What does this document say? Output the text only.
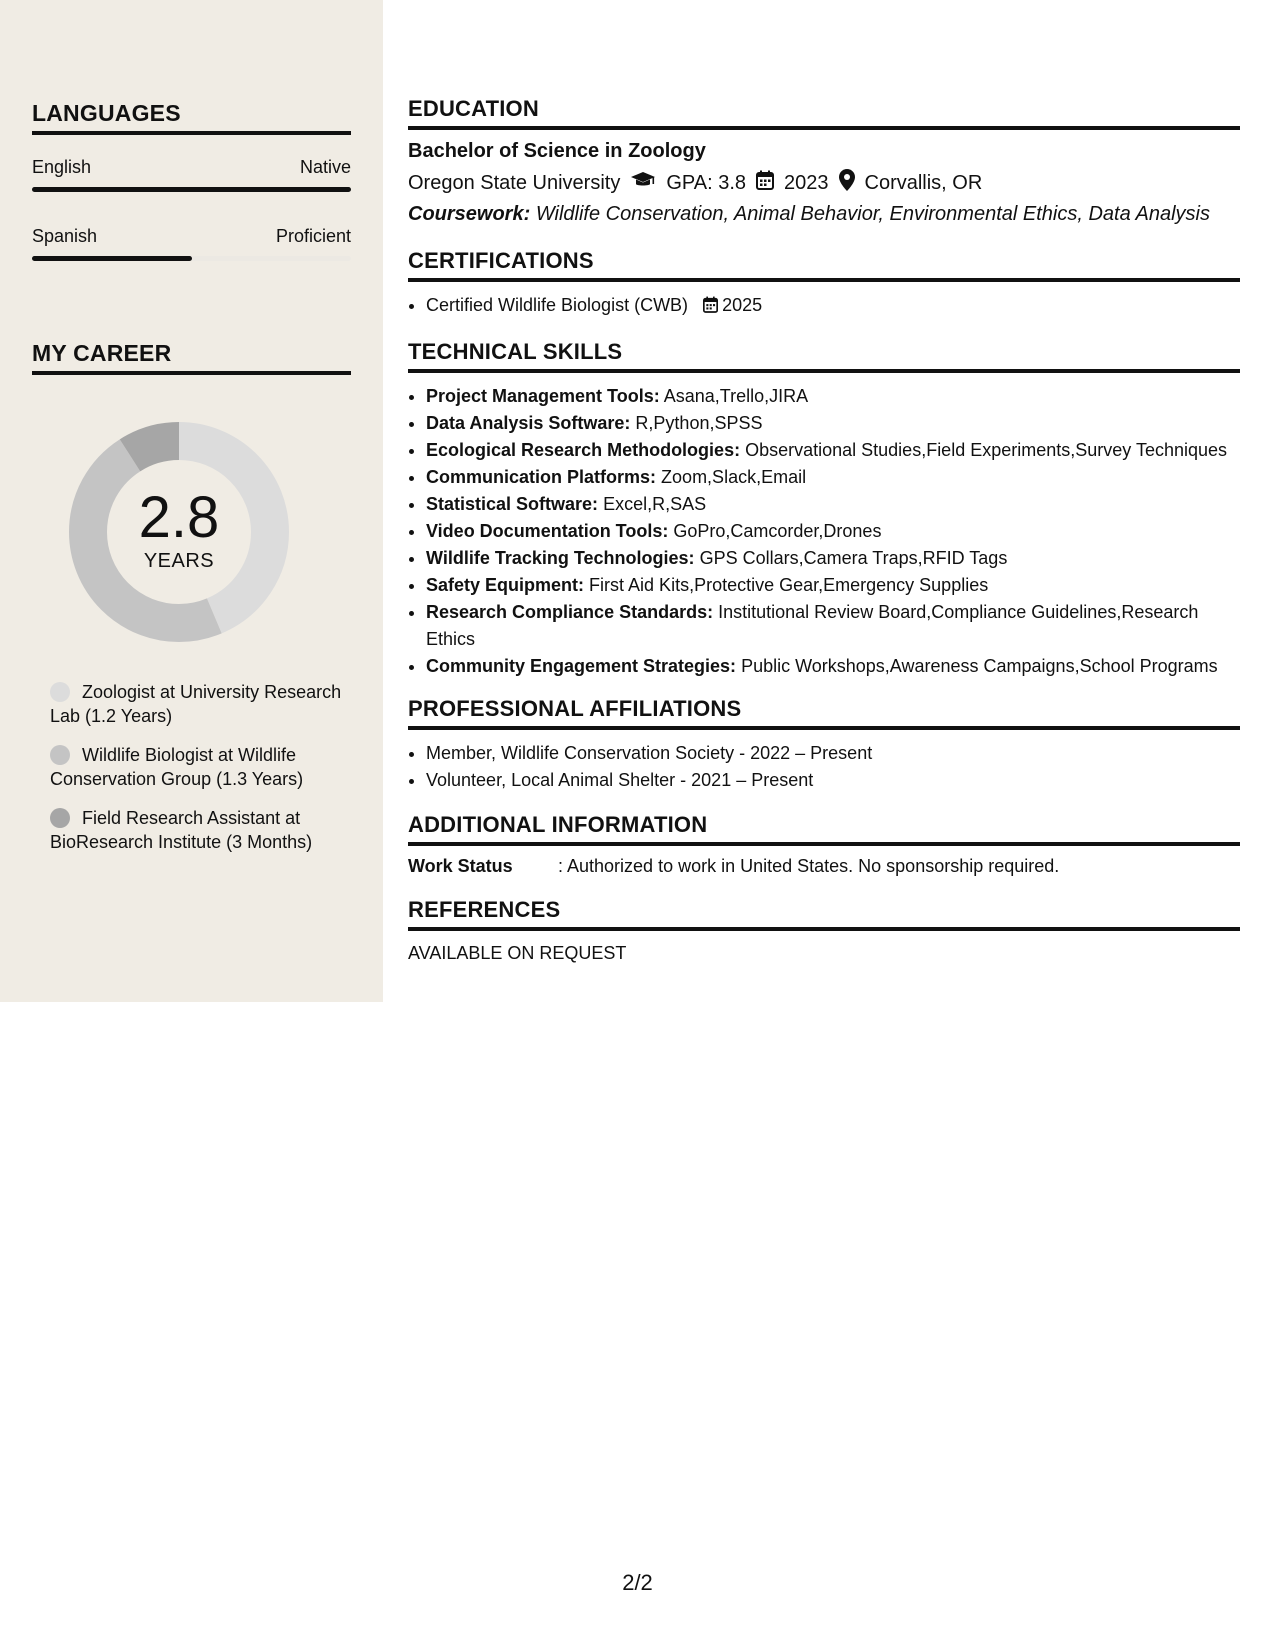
LANGUAGES
English	Native
Spanish	Proficient
MY CAREER
2.8
YEARS
Zoologist at University Research Lab (1.2 Years)
Wildlife Biologist at Wildlife Conservation Group (1.3 Years)
Field Research Assistant at BioResearch Institute (3 Months)
EDUCATION
Bachelor of Science in Zoology
Oregon State University GPA: 3.8 2023 Corvallis, OR
Coursework: Wildlife Conservation, Animal Behavior, Environmental Ethics, Data Analysis
CERTIFICATIONS
• Certified Wildlife Biologist (CWB) 2025
TECHNICAL SKILLS
• Project Management Tools: Asana,Trello,JIRA
• Data Analysis Software: R,Python,SPSS
• Ecological Research Methodologies: Observational Studies,Field Experiments,Survey Techniques
• Communication Platforms: Zoom,Slack,Email
• Statistical Software: Excel,R,SAS
• Video Documentation Tools: GoPro,Camcorder,Drones
• Wildlife Tracking Technologies: GPS Collars,Camera Traps,RFID Tags
• Safety Equipment: First Aid Kits,Protective Gear,Emergency Supplies
• Research Compliance Standards: Institutional Review Board,Compliance Guidelines,Research Ethics
• Community Engagement Strategies: Public Workshops,Awareness Campaigns,School Programs
PROFESSIONAL AFFILIATIONS
• Member, Wildlife Conservation Society - 2022 – Present
• Volunteer, Local Animal Shelter - 2021 – Present
ADDITIONAL INFORMATION
Work Status	: Authorized to work in United States. No sponsorship required.
REFERENCES
AVAILABLE ON REQUEST
2/2
